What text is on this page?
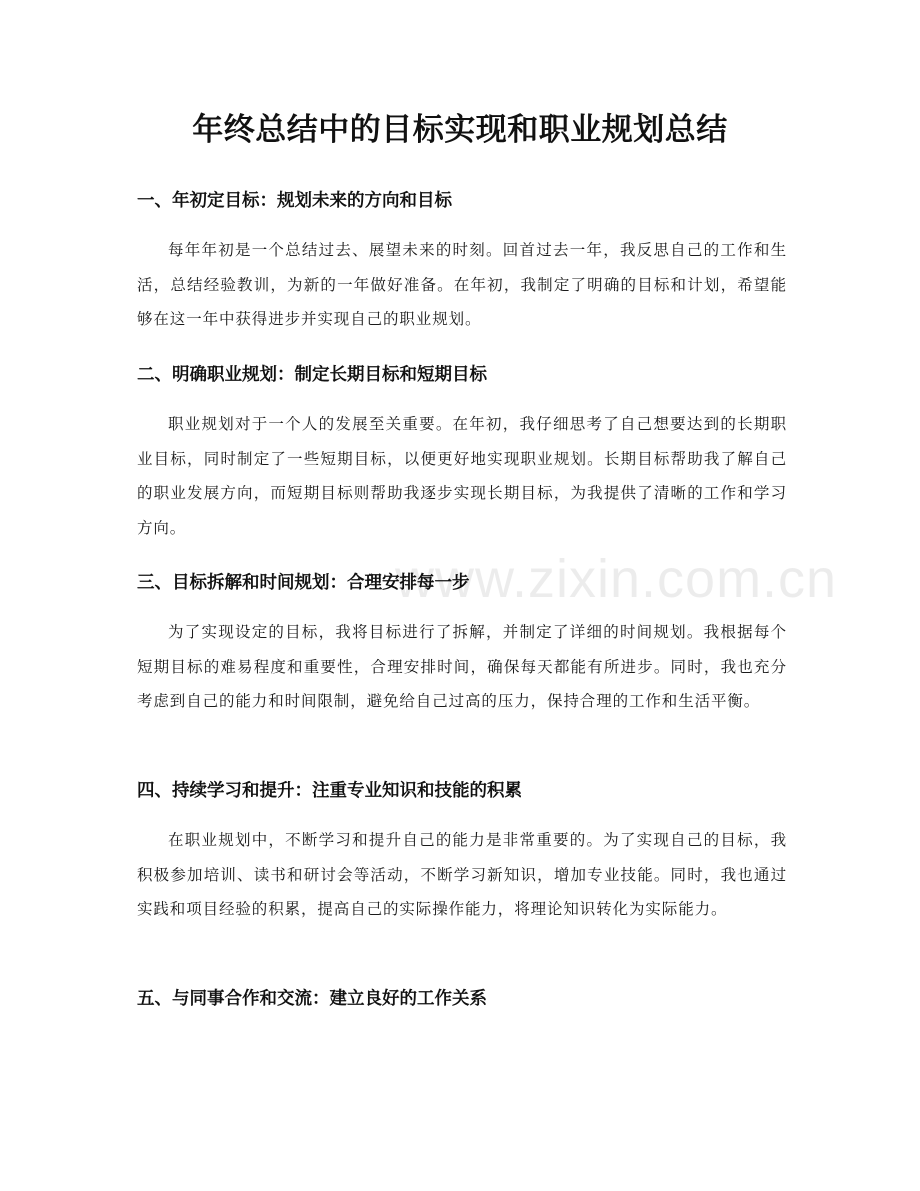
年终总结中的目标实现和职业规划总结
一、年初定目标：规划未来的方向和目标

每年年初是一个总结过去、展望未来的时刻。回首过去一年，我反思自己的工作和生活，总结经验教训，为新的一年做好准备。在年初，我制定了明确的目标和计划，希望能够在这一年中获得进步并实现自己的职业规划。

二、明确职业规划：制定长期目标和短期目标

职业规划对于一个人的发展至关重要。在年初，我仔细思考了自己想要达到的长期职业目标，同时制定了一些短期目标，以便更好地实现职业规划。长期目标帮助我了解自己的职业发展方向，而短期目标则帮助我逐步实现长期目标，为我提供了清晰的工作和学习方向。

三、目标拆解和时间规划：合理安排每一步

为了实现设定的目标，我将目标进行了拆解，并制定了详细的时间规划。我根据每个短期目标的难易程度和重要性，合理安排时间，确保每天都能有所进步。同时，我也充分考虑到自己的能力和时间限制，避免给自己过高的压力，保持合理的工作和生活平衡。

四、持续学习和提升：注重专业知识和技能的积累

在职业规划中，不断学习和提升自己的能力是非常重要的。为了实现自己的目标，我积极参加培训、读书和研讨会等活动，不断学习新知识，增加专业技能。同时，我也通过实践和项目经验的积累，提高自己的实际操作能力，将理论知识转化为实际能力。

五、与同事合作和交流：建立良好的工作关系
www.zixin.com.cn
